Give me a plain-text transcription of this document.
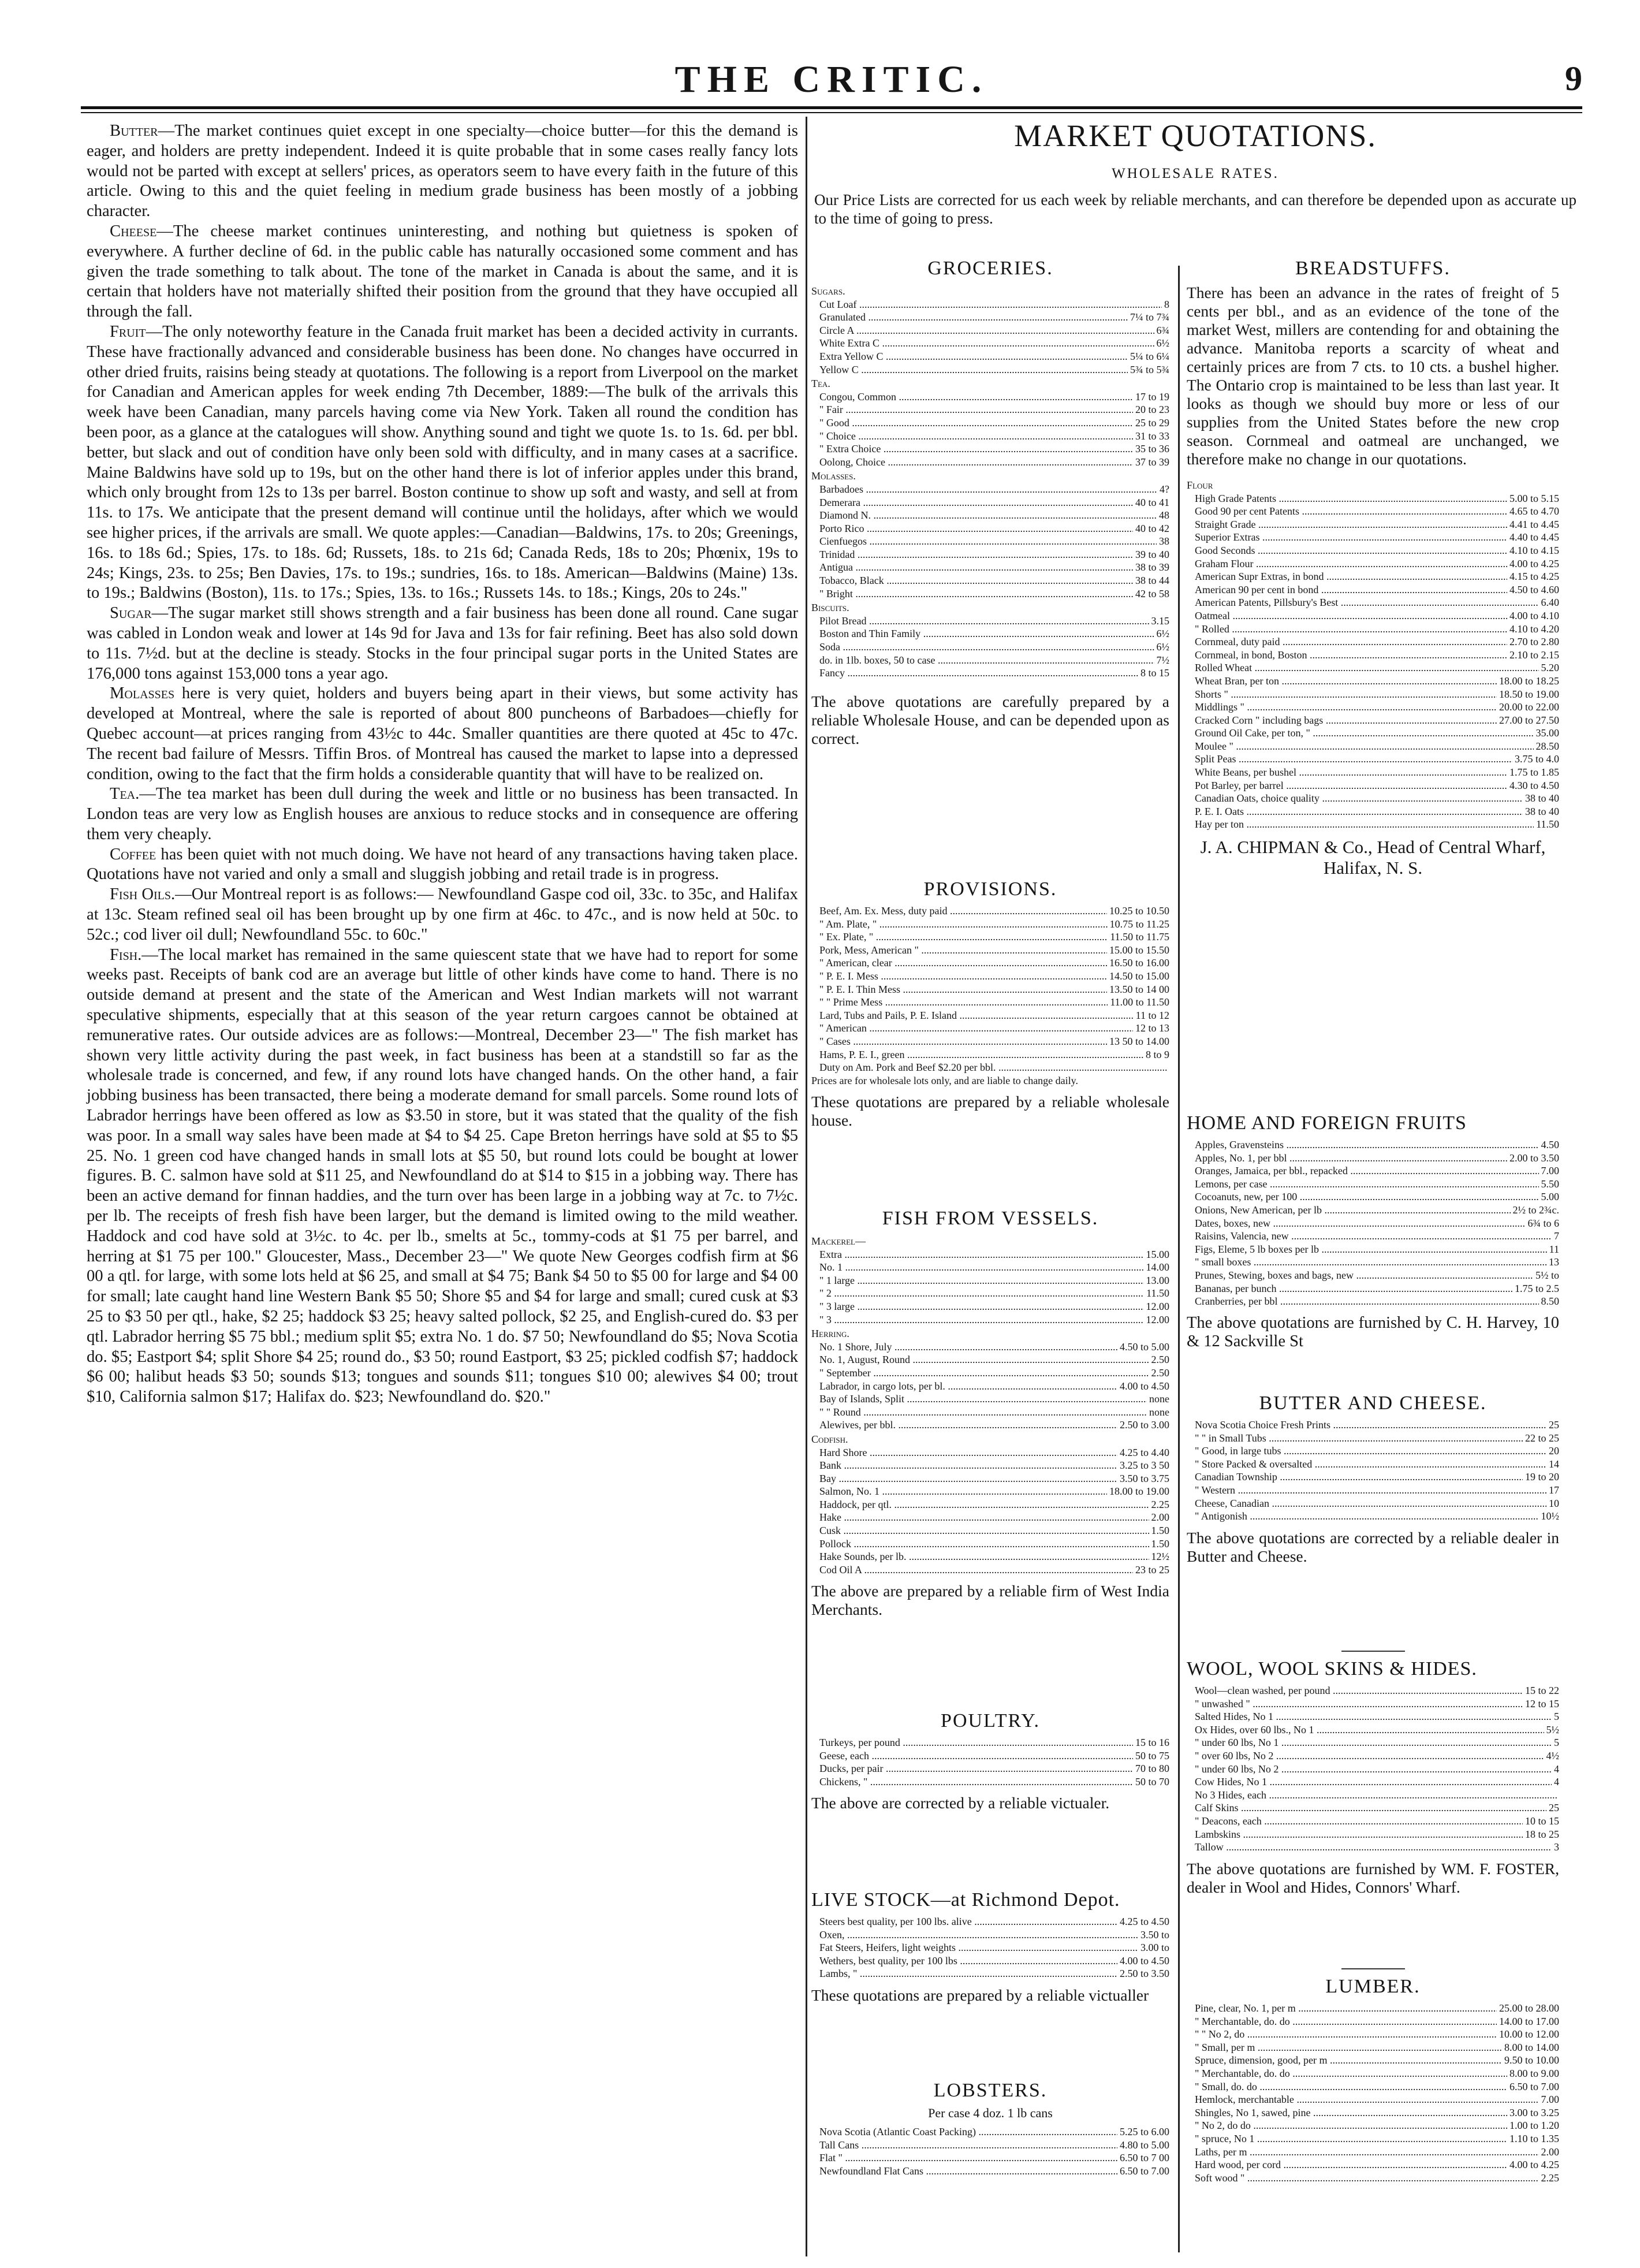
THE CRITIC.	9

Butter—The market continues quiet except in one specialty—choice butter—for this the demand is eager, and holders are pretty independent. Indeed it is quite probable that in some cases really fancy lots would not be parted with except at sellers' prices, as operators seem to have every faith in the future of this article. Owing to this and the quiet feeling in medium grade business has been mostly of a jobbing character.

Cheese—The cheese market continues uninteresting, and nothing but quietness is spoken of everywhere. A further decline of 6d. in the public cable has naturally occasioned some comment and has given the trade something to talk about. The tone of the market in Canada is about the same, and it is certain that holders have not materially shifted their position from the ground that they have occupied all through the fall.

Fruit—The only noteworthy feature in the Canada fruit market has been a decided activity in currants. These have fractionally advanced and considerable business has been done. No changes have occurred in other dried fruits, raisins being steady at quotations. The following is a report from Liverpool on the market for Canadian and American apples for week ending 7th December, 1889:—The bulk of the arrivals this week have been Canadian, many parcels having come via New York. Taken all round the condition has been poor, as a glance at the catalogues will show. Anything sound and tight we quote 1s. to 1s. 6d. per bbl. better, but slack and out of condition have only been sold with difficulty, and in many cases at a sacrifice. Maine Baldwins have sold up to 19s, but on the other hand there is lot of inferior apples under this brand, which only brought from 12s to 13s per barrel. Boston continue to show up soft and wasty, and sell at from 11s. to 17s. We anticipate that the present demand will continue until the holidays, after which we would see higher prices, if the arrivals are small. We quote apples:—Canadian—Baldwins, 17s. to 20s; Greenings, 16s. to 18s 6d.; Spies, 17s. to 18s. 6d; Russets, 18s. to 21s 6d; Canada Reds, 18s to 20s; Phœnix, 19s to 24s; Kings, 23s. to 25s; Ben Davies, 17s. to 19s.; sundries, 16s. to 18s. American—Baldwins (Maine) 13s. to 19s.; Baldwins (Boston), 11s. to 17s.; Spies, 13s. to 16s.; Russets 14s. to 18s.; Kings, 20s to 24s."

Sugar—The sugar market still shows strength and a fair business has been done all round. Cane sugar was cabled in London weak and lower at 14s 9d for Java and 13s for fair refining. Beet has also sold down to 11s. 7½d. but at the decline is steady. Stocks in the four principal sugar ports in the United States are 176,000 tons against 153,000 tons a year ago.

Molasses here is very quiet, holders and buyers being apart in their views, but some activity has developed at Montreal, where the sale is reported of about 800 puncheons of Barbadoes—chiefly for Quebec account—at prices ranging from 43½c to 44c. Smaller quantities are there quoted at 45c to 47c. The recent bad failure of Messrs. Tiffin Bros. of Montreal has caused the market to lapse into a depressed condition, owing to the fact that the firm holds a considerable quantity that will have to be realized on.

Tea.—The tea market has been dull during the week and little or no business has been transacted. In London teas are very low as English houses are anxious to reduce stocks and in consequence are offering them very cheaply.

Coffee has been quiet with not much doing. We have not heard of any transactions having taken place. Quotations have not varied and only a small and sluggish jobbing and retail trade is in progress.

Fish Oils.—Our Montreal report is as follows:— Newfoundland Gaspe cod oil, 33c. to 35c, and Halifax at 13c. Steam refined seal oil has been brought up by one firm at 46c. to 47c., and is now held at 50c. to 52c.; cod liver oil dull; Newfoundland 55c. to 60c."

Fish.—The local market has remained in the same quiescent state that we have had to report for some weeks past. Receipts of bank cod are an average but little of other kinds have come to hand. There is no outside demand at present and the state of the American and West Indian markets will not warrant speculative shipments, especially that at this season of the year return cargoes cannot be obtained at remunerative rates. Our outside advices are as follows:—Montreal, December 23—" The fish market has shown very little activity during the past week, in fact business has been at a standstill so far as the wholesale trade is concerned, and few, if any round lots have changed hands. On the other hand, a fair jobbing business has been transacted, there being a moderate demand for small parcels. Some round lots of Labrador herrings have been offered as low as $3.50 in store, but it was stated that the quality of the fish was poor. In a small way sales have been made at $4 to $4 25. Cape Breton herrings have sold at $5 to $5 25. No. 1 green cod have changed hands in small lots at $5 50, but round lots could be bought at lower figures. B. C. salmon have sold at $11 25, and Newfoundland do at $14 to $15 in a jobbing way. There has been an active demand for finnan haddies, and the turn over has been large in a jobbing way at 7c. to 7½c. per lb. The receipts of fresh fish have been larger, but the demand is limited owing to the mild weather. Haddock and cod have sold at 3½c. to 4c. per lb., smelts at 5c., tommy-cods at $1 75 per barrel, and herring at $1 75 per 100." Gloucester, Mass., December 23—" We quote New Georges codfish firm at $6 00 a qtl. for large, with some lots held at $6 25, and small at $4 75; Bank $4 50 to $5 00 for large and $4 00 for small; late caught hand line Western Bank $5 50; Shore $5 and $4 for large and small; cured cusk at $3 25 to $3 50 per qtl., hake, $2 25; haddock $3 25; heavy salted pollock, $2 25, and English-cured do. $3 per qtl. Labrador herring $5 75 bbl.; medium split $5; extra No. 1 do. $7 50; Newfoundland do $5; Nova Scotia do. $5; Eastport $4; split Shore $4 25; round do., $3 50; round Eastport, $3 25; pickled codfish $7; haddock $6 00; halibut heads $3 50; sounds $13; tongues and sounds $11; tongues $10 00; alewives $4 00; trout $10, California salmon $17; Halifax do. $23; Newfoundland do. $20."

MARKET QUOTATIONS.
WHOLESALE RATES.
Our Price Lists are corrected for us each week by reliable merchants, and can therefore be depended upon as accurate up to the time of going to press.
GROCERIES.
Sugars.
Cut Loaf .....	8
Granulated .....	7¼ to 7¾
Circle A .....	6¾
White Extra C .....	6½
Extra Yellow C .....	5¼ to 6¼
Yellow C .....	5¾ to 5¾
Tea.
Congou, Common .....	17 to 19
" Fair .....	20 to 23
" Good .....	25 to 29
" Choice .....	31 to 33
" Extra Choice .....	35 to 36
Oolong, Choice .....	37 to 39
Molasses.
Barbadoes .....	4?
Demerara .....	40 to 41
Diamond N. .....	48
Porto Rico .....	40 to 42
Cienfuegos .....	38
Trinidad .....	39 to 40
Antigua .....	38 to 39
Tobacco, Black .....	38 to 44
" Bright .....	42 to 58
Biscuits.
Pilot Bread .....	3.15
Boston and Thin Family .....	6½
Soda .....	6½
do. in 1lb. boxes, 50 to case .....	7½
Fancy .....	8 to 15
The above quotations are carefully prepared by a reliable Wholesale House, and can be depended upon as correct.
PROVISIONS.
Beef, Am. Ex. Mess, duty paid .....	10.25 to 10.50
" Am. Plate, " .....	10.75 to 11.25
" Ex. Plate, " .....	11.50 to 11.75
Pork, Mess, American " .....	15.00 to 15.50
" American, clear .....	16.50 to 16.00
" P. E. I. Mess .....	14.50 to 15.00
" P. E. I. Thin Mess .....	13.50 to 14 00
" " Prime Mess .....	11.00 to 11.50
Lard, Tubs and Pails, P. E. Island .....	11 to 12
" American .....	12 to 13
" Cases .....	13 50 to 14.00
Hams, P. E. I., green .....	8 to 9
Duty on Am. Pork and Beef $2.20 per bbl. .....
Prices are for wholesale lots only, and are liable to change daily.
These quotations are prepared by a reliable wholesale house.
FISH FROM VESSELS.
Mackerel—
Extra .....	15.00
No. 1 .....	14.00
" 1 large .....	13.00
" 2 .....	11.50
" 3 large .....	12.00
" 3 .....	12.00
Herring.
No. 1 Shore, July .....	4.50 to 5.00
No. 1, August, Round .....	2.50
" September .....	2.50
Labrador, in cargo lots, per bl. .....	4.00 to 4.50
Bay of Islands, Split .....	none
" " Round .....	none
Alewives, per bbl. .....	2.50 to 3.00
Codfish.
Hard Shore .....	4.25 to 4.40
Bank .....	3.25 to 3 50
Bay .....	3.50 to 3.75
Salmon, No. 1 .....	18.00 to 19.00
Haddock, per qtl. .....	2.25
Hake .....	2.00
Cusk .....	1.50
Pollock .....	1.50
Hake Sounds, per lb. .....	12½
Cod Oil A .....	23 to 25
The above are prepared by a reliable firm of West India Merchants.
POULTRY.
Turkeys, per pound .....	15 to 16
Geese, each .....	50 to 75
Ducks, per pair .....	70 to 80
Chickens, " .....	50 to 70
The above are corrected by a reliable victualer.
LIVE STOCK—at Richmond Depot.
Steers best quality, per 100 lbs. alive .....	4.25 to 4.50
Oxen, .....	3.50 to
Fat Steers, Heifers, light weights .....	3.00 to
Wethers, best quality, per 100 lbs .....	4.00 to 4.50
Lambs, " .....	2.50 to 3.50
These quotations are prepared by a reliable victualler
LOBSTERS.
Per case 4 doz. 1 lb cans
Nova Scotia (Atlantic Coast Packing) .....	5.25 to 6.00
Tall Cans .....	4.80 to 5.00
Flat " .....	6.50 to 7 00
Newfoundland Flat Cans .....	6.50 to 7.00
BREADSTUFFS.
There has been an advance in the rates of freight of 5 cents per bbl., and as an evidence of the tone of the market West, millers are contending for and obtaining the advance. Manitoba reports a scarcity of wheat and certainly prices are from 7 cts. to 10 cts. a bushel higher. The Ontario crop is maintained to be less than last year. It looks as though we should buy more or less of our supplies from the United States before the new crop season. Cornmeal and oatmeal are unchanged, we therefore make no change in our quotations.
Flour
High Grade Patents .....	5.00 to 5.15
Good 90 per cent Patents .....	4.65 to 4.70
Straight Grade .....	4.41 to 4.45
Superior Extras .....	4.40 to 4.45
Good Seconds .....	4.10 to 4.15
Graham Flour .....	4.00 to 4.25
American Supr Extras, in bond .....	4.15 to 4.25
American 90 per cent in bond .....	4.50 to 4.60
American Patents, Pillsbury's Best .....	6.40
Oatmeal .....	4.00 to 4.10
" Rolled .....	4.10 to 4.20
Cornmeal, duty paid .....	2.70 to 2.80
Cornmeal, in bond, Boston .....	2.10 to 2.15
Rolled Wheat .....	5.20
Wheat Bran, per ton .....	18.00 to 18.25
Shorts " .....	18.50 to 19.00
Middlings " .....	20.00 to 22.00
Cracked Corn " including bags .....	27.00 to 27.50
Ground Oil Cake, per ton, " .....	35.00
Moulee " .....	28.50
Split Peas .....	3.75 to 4.0
White Beans, per bushel .....	1.75 to 1.85
Pot Barley, per barrel .....	4.30 to 4.50
Canadian Oats, choice quality .....	38 to 40
P. E. I. Oats .....	38 to 40
Hay per ton .....	11.50
J. A. CHIPMAN & Co., Head of Central Wharf, Halifax, N. S.
HOME AND FOREIGN FRUITS
Apples, Gravensteins .....	4.50
Apples, No. 1, per bbl .....	2.00 to 3.50
Oranges, Jamaica, per bbl., repacked .....	7.00
Lemons, per case .....	5.50
Cocoanuts, new, per 100 .....	5.00
Onions, New American, per lb .....	2½ to 2¾c.
Dates, boxes, new .....	6¾ to 6
Raisins, Valencia, new .....	7
Figs, Eleme, 5 lb boxes per lb .....	11
" small boxes .....	13
Prunes, Stewing, boxes and bags, new .....	5½ to
Bananas, per bunch .....	1.75 to 2.5
Cranberries, per bbl .....	8.50
The above quotations are furnished by C. H. Harvey, 10 & 12 Sackville St
BUTTER AND CHEESE.
Nova Scotia Choice Fresh Prints .....	25
" " in Small Tubs .....	22 to 25
" Good, in large tubs .....	20
" Store Packed & oversalted .....	14
Canadian Township .....	19 to 20
" Western .....	17
Cheese, Canadian .....	10
" Antigonish .....	10½
The above quotations are corrected by a reliable dealer in Butter and Cheese.
WOOL, WOOL SKINS & HIDES.
Wool—clean washed, per pound .....	15 to 22
" unwashed " .....	12 to 15
Salted Hides, No 1 .....	5
Ox Hides, over 60 lbs., No 1 .....	5½
" under 60 lbs, No 1 .....	5
" over 60 lbs, No 2 .....	4½
" under 60 lbs, No 2 .....	4
Cow Hides, No 1 .....	4
No 3 Hides, each .....
Calf Skins .....	25
" Deacons, each .....	10 to 15
Lambskins .....	18 to 25
Tallow .....	3
The above quotations are furnished by WM. F. FOSTER, dealer in Wool and Hides, Connors' Wharf.
LUMBER.
Pine, clear, No. 1, per m .....	25.00 to 28.00
" Merchantable, do. do .....	14.00 to 17.00
" " No 2, do .....	10.00 to 12.00
" Small, per m .....	8.00 to 14.00
Spruce, dimension, good, per m .....	9.50 to 10.00
" Merchantable, do. do .....	8.00 to 9.00
" Small, do. do .....	6.50 to 7.00
Hemlock, merchantable .....	7.00
Shingles, No 1, sawed, pine .....	3.00 to 3.25
" No 2, do do .....	1.00 to 1.20
" spruce, No 1 .....	1.10 to 1.35
Laths, per m .....	2.00
Hard wood, per cord .....	4.00 to 4.25
Soft wood " .....	2.25
